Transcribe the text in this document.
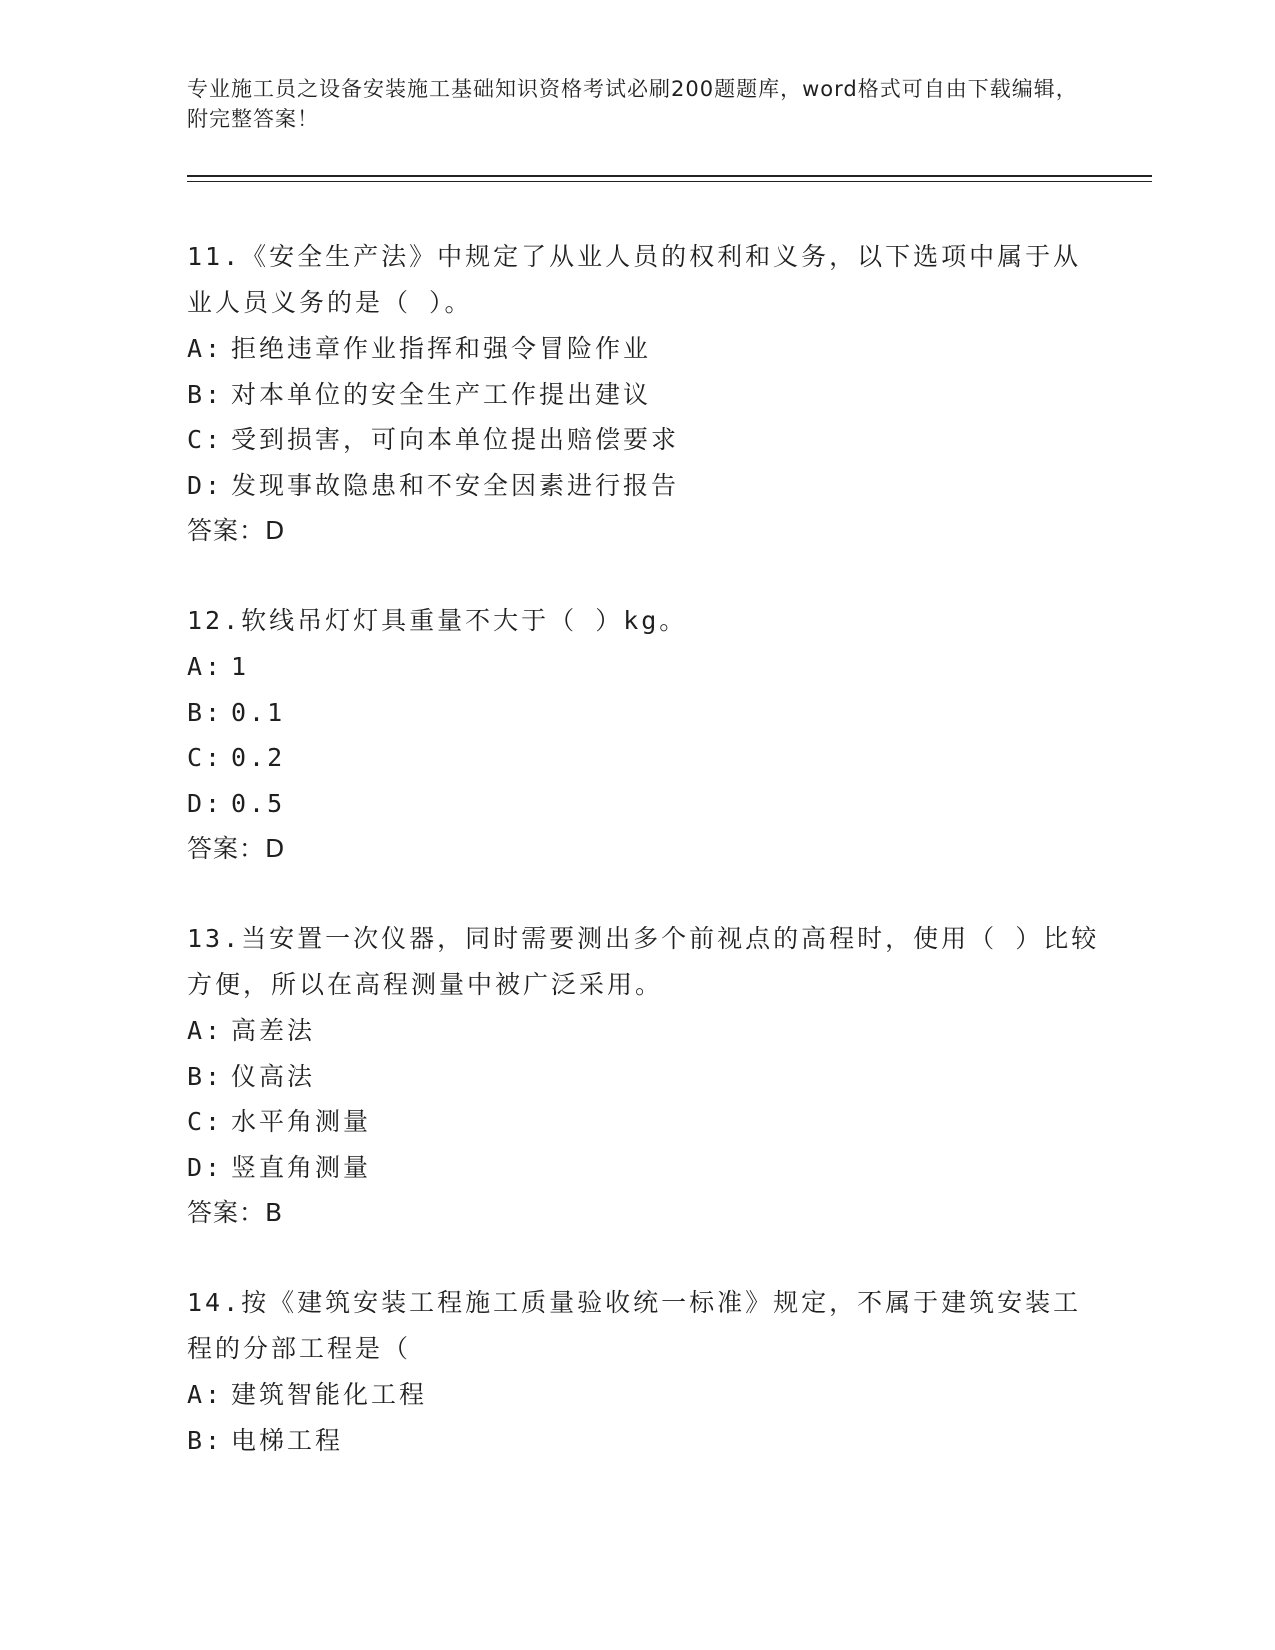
专业施工员之设备安装施工基础知识资格考试必刷200题题库，word格式可自由下载编辑，附完整答案！

11.《安全生产法》中规定了从业人员的权利和义务，以下选项中属于从业人员义务的是（ ）。

A: 拒绝违章作业指挥和强令冒险作业
B: 对本单位的安全生产工作提出建议
C: 受到损害，可向本单位提出赔偿要求
D: 发现事故隐患和不安全因素进行报告
答案：D

12.软线吊灯灯具重量不大于（ ）kg。

A: 1
B: 0.1
C: 0.2
D: 0.5
答案：D

13.当安置一次仪器，同时需要测出多个前视点的高程时，使用（ ）比较方便，所以在高程测量中被广泛采用。

A: 高差法
B: 仪高法
C: 水平角测量
D: 竖直角测量
答案：B

14.按《建筑安装工程施工质量验收统一标准》规定，不属于建筑安装工程的分部工程是（

A: 建筑智能化工程
B: 电梯工程
